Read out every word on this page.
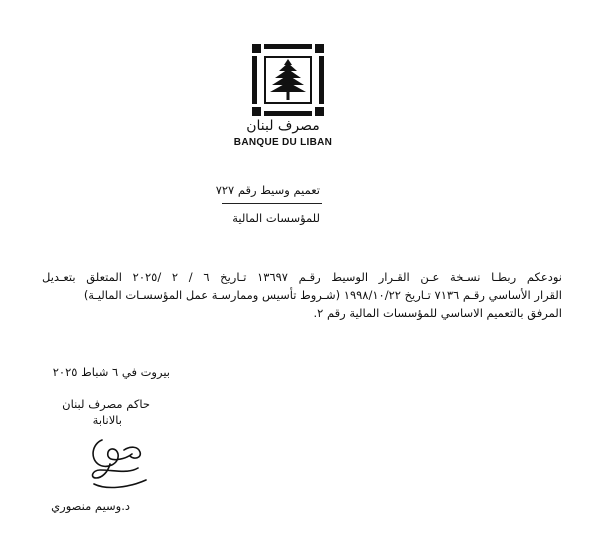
مصرف لبنان
BANQUE DU LIBAN
تعميم وسيط رقم ٧٢٧
للمؤسسات المالية

نودعكم ربطـا نسـخة عـن القـرار الوسيط رقـم ١٣٦٩٧ تـاريخ ٦ / ٢ /٢٠٢٥ المتعلق بتعـديل

القرار الأساسي رقـم ٧١٣٦ تـاريخ ١٩٩٨/١٠/٢٢ (شـروط تأسيس وممارسـة عمل المؤسسـات الماليـة)

المرفق بالتعميم الاساسي للمؤسسات المالية رقم ٢.

بيروت في ٦ شباط ٢٠٢٥
حاكم مصرف لبنان
بالانابة
د.وسيم منصوري
